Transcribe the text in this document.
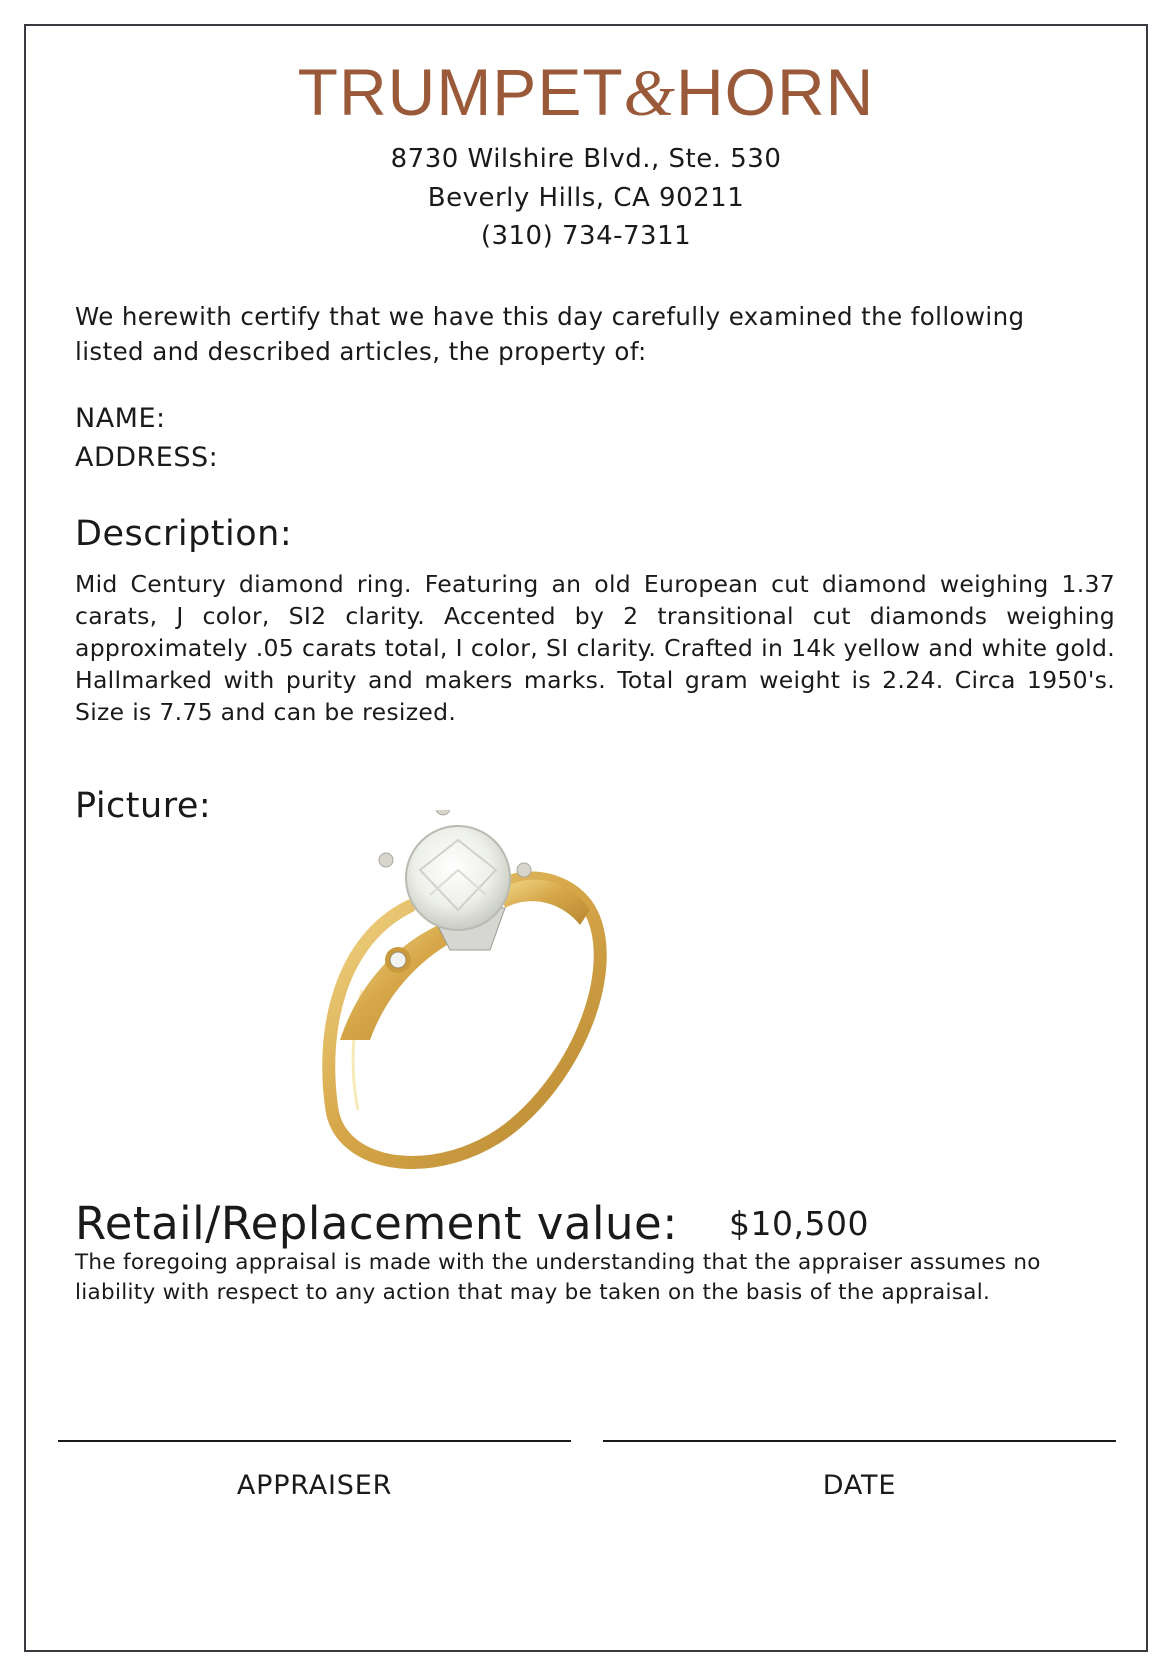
TRUMPET&HORN
8730 Wilshire Blvd., Ste. 530
Beverly Hills, CA 90211
(310) 734-7311
We herewith certify that we have this day carefully examined the following
listed and described articles, the property of:
NAME:
ADDRESS:
Description:
Mid Century diamond ring. Featuring an old European cut diamond weighing 1.37 carats, J color, SI2 clarity. Accented by 2 transitional cut diamonds weighing approximately .05 carats total, I color, SI clarity. Crafted in 14k yellow and white gold. Hallmarked with purity and makers marks. Total gram weight is 2.24. Circa 1950's. Size is 7.75 and can be resized.
Picture:
Retail/Replacement value: $10,500
The foregoing appraisal is made with the understanding that the appraiser assumes no liability with respect to any action that may be taken on the basis of the appraisal.
APPRAISER	DATE
